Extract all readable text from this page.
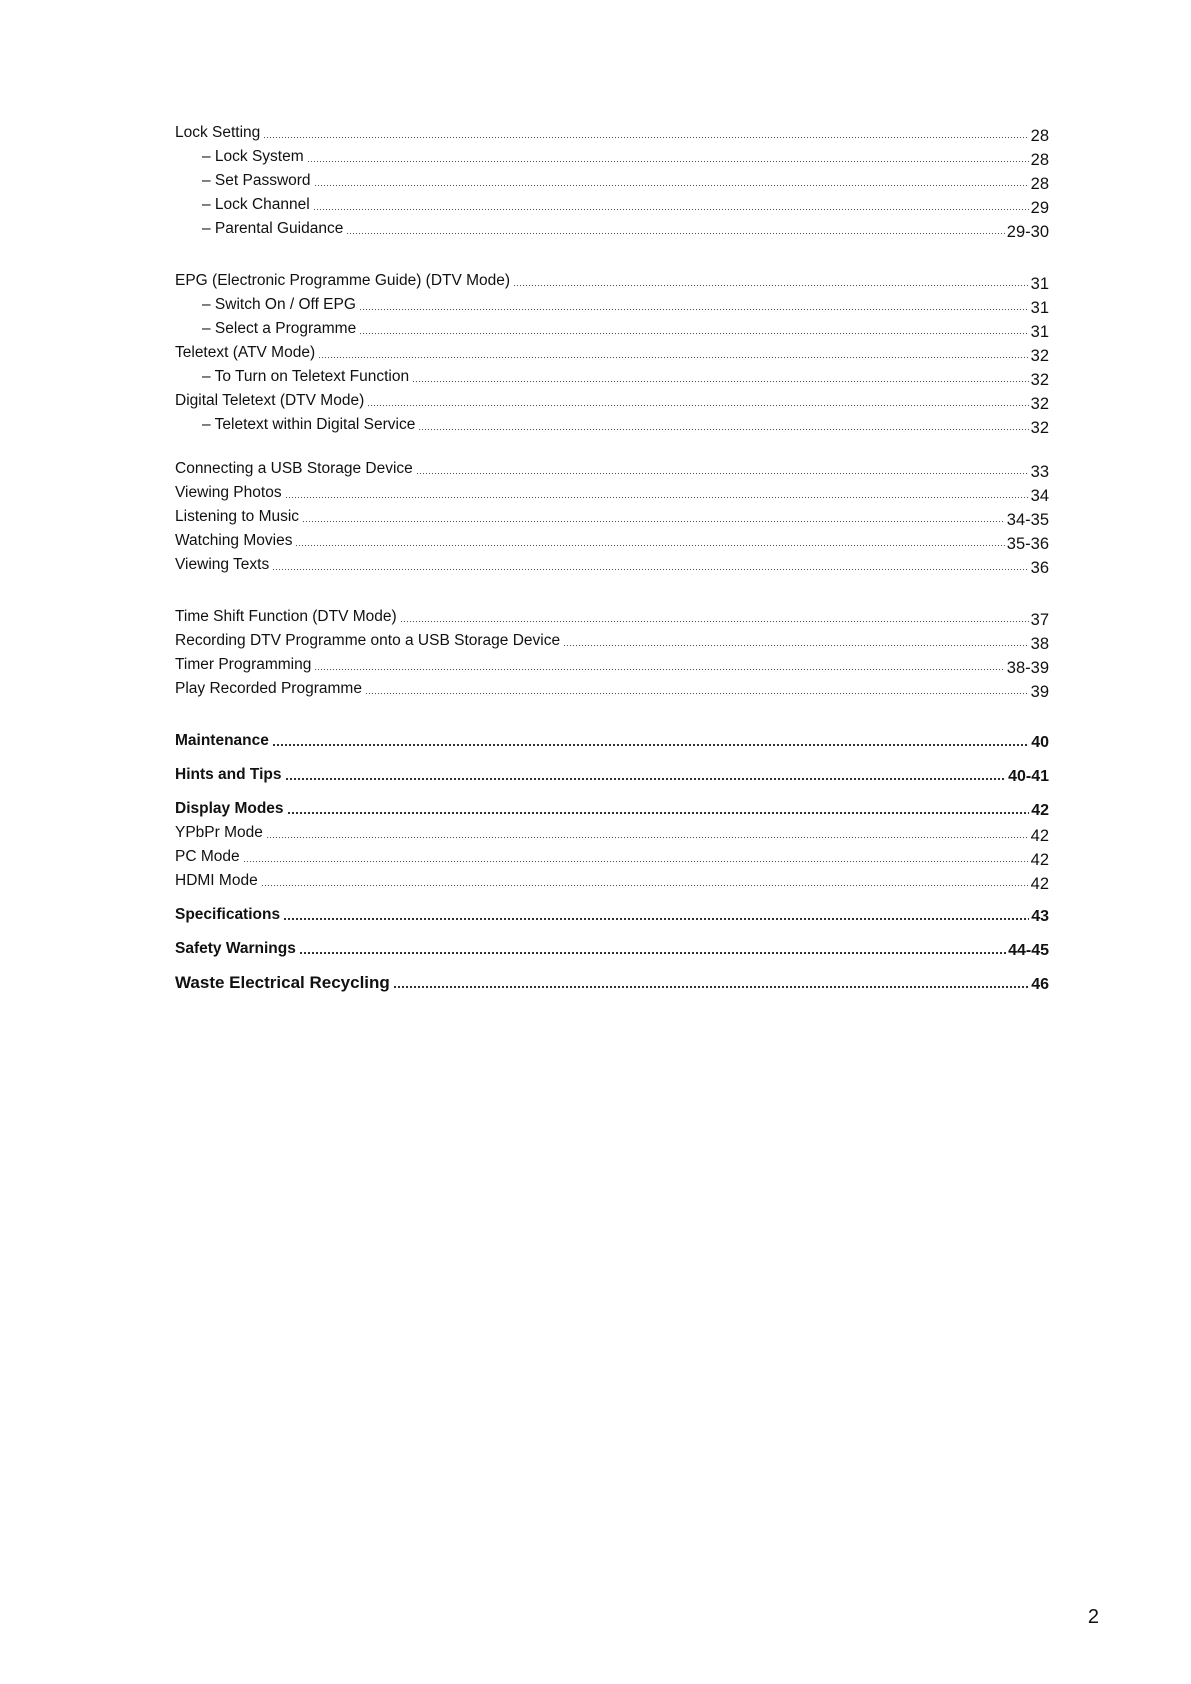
Lock Setting	28
– Lock System	28
– Set Password	28
– Lock Channel	29
– Parental Guidance	29-30
EPG (Electronic Programme Guide) (DTV Mode)	31
– Switch On / Off EPG	31
– Select a Programme	31
Teletext (ATV Mode)	32
– To Turn on Teletext Function	32
Digital Teletext (DTV Mode)	32
– Teletext within Digital Service	32
Connecting a USB Storage Device	33
Viewing Photos	34
Listening to Music	34-35
Watching Movies	35-36
Viewing Texts	36
Time Shift Function (DTV Mode)	37
Recording DTV Programme onto a USB Storage Device	38
Timer Programming	38-39
Play Recorded Programme	39
Maintenance	40
Hints and Tips	40-41
Display Modes	42
YPbPr Mode	42
PC Mode	42
HDMI Mode	42
Specifications	43
Safety Warnings	44-45
Waste Electrical Recycling	46
2
